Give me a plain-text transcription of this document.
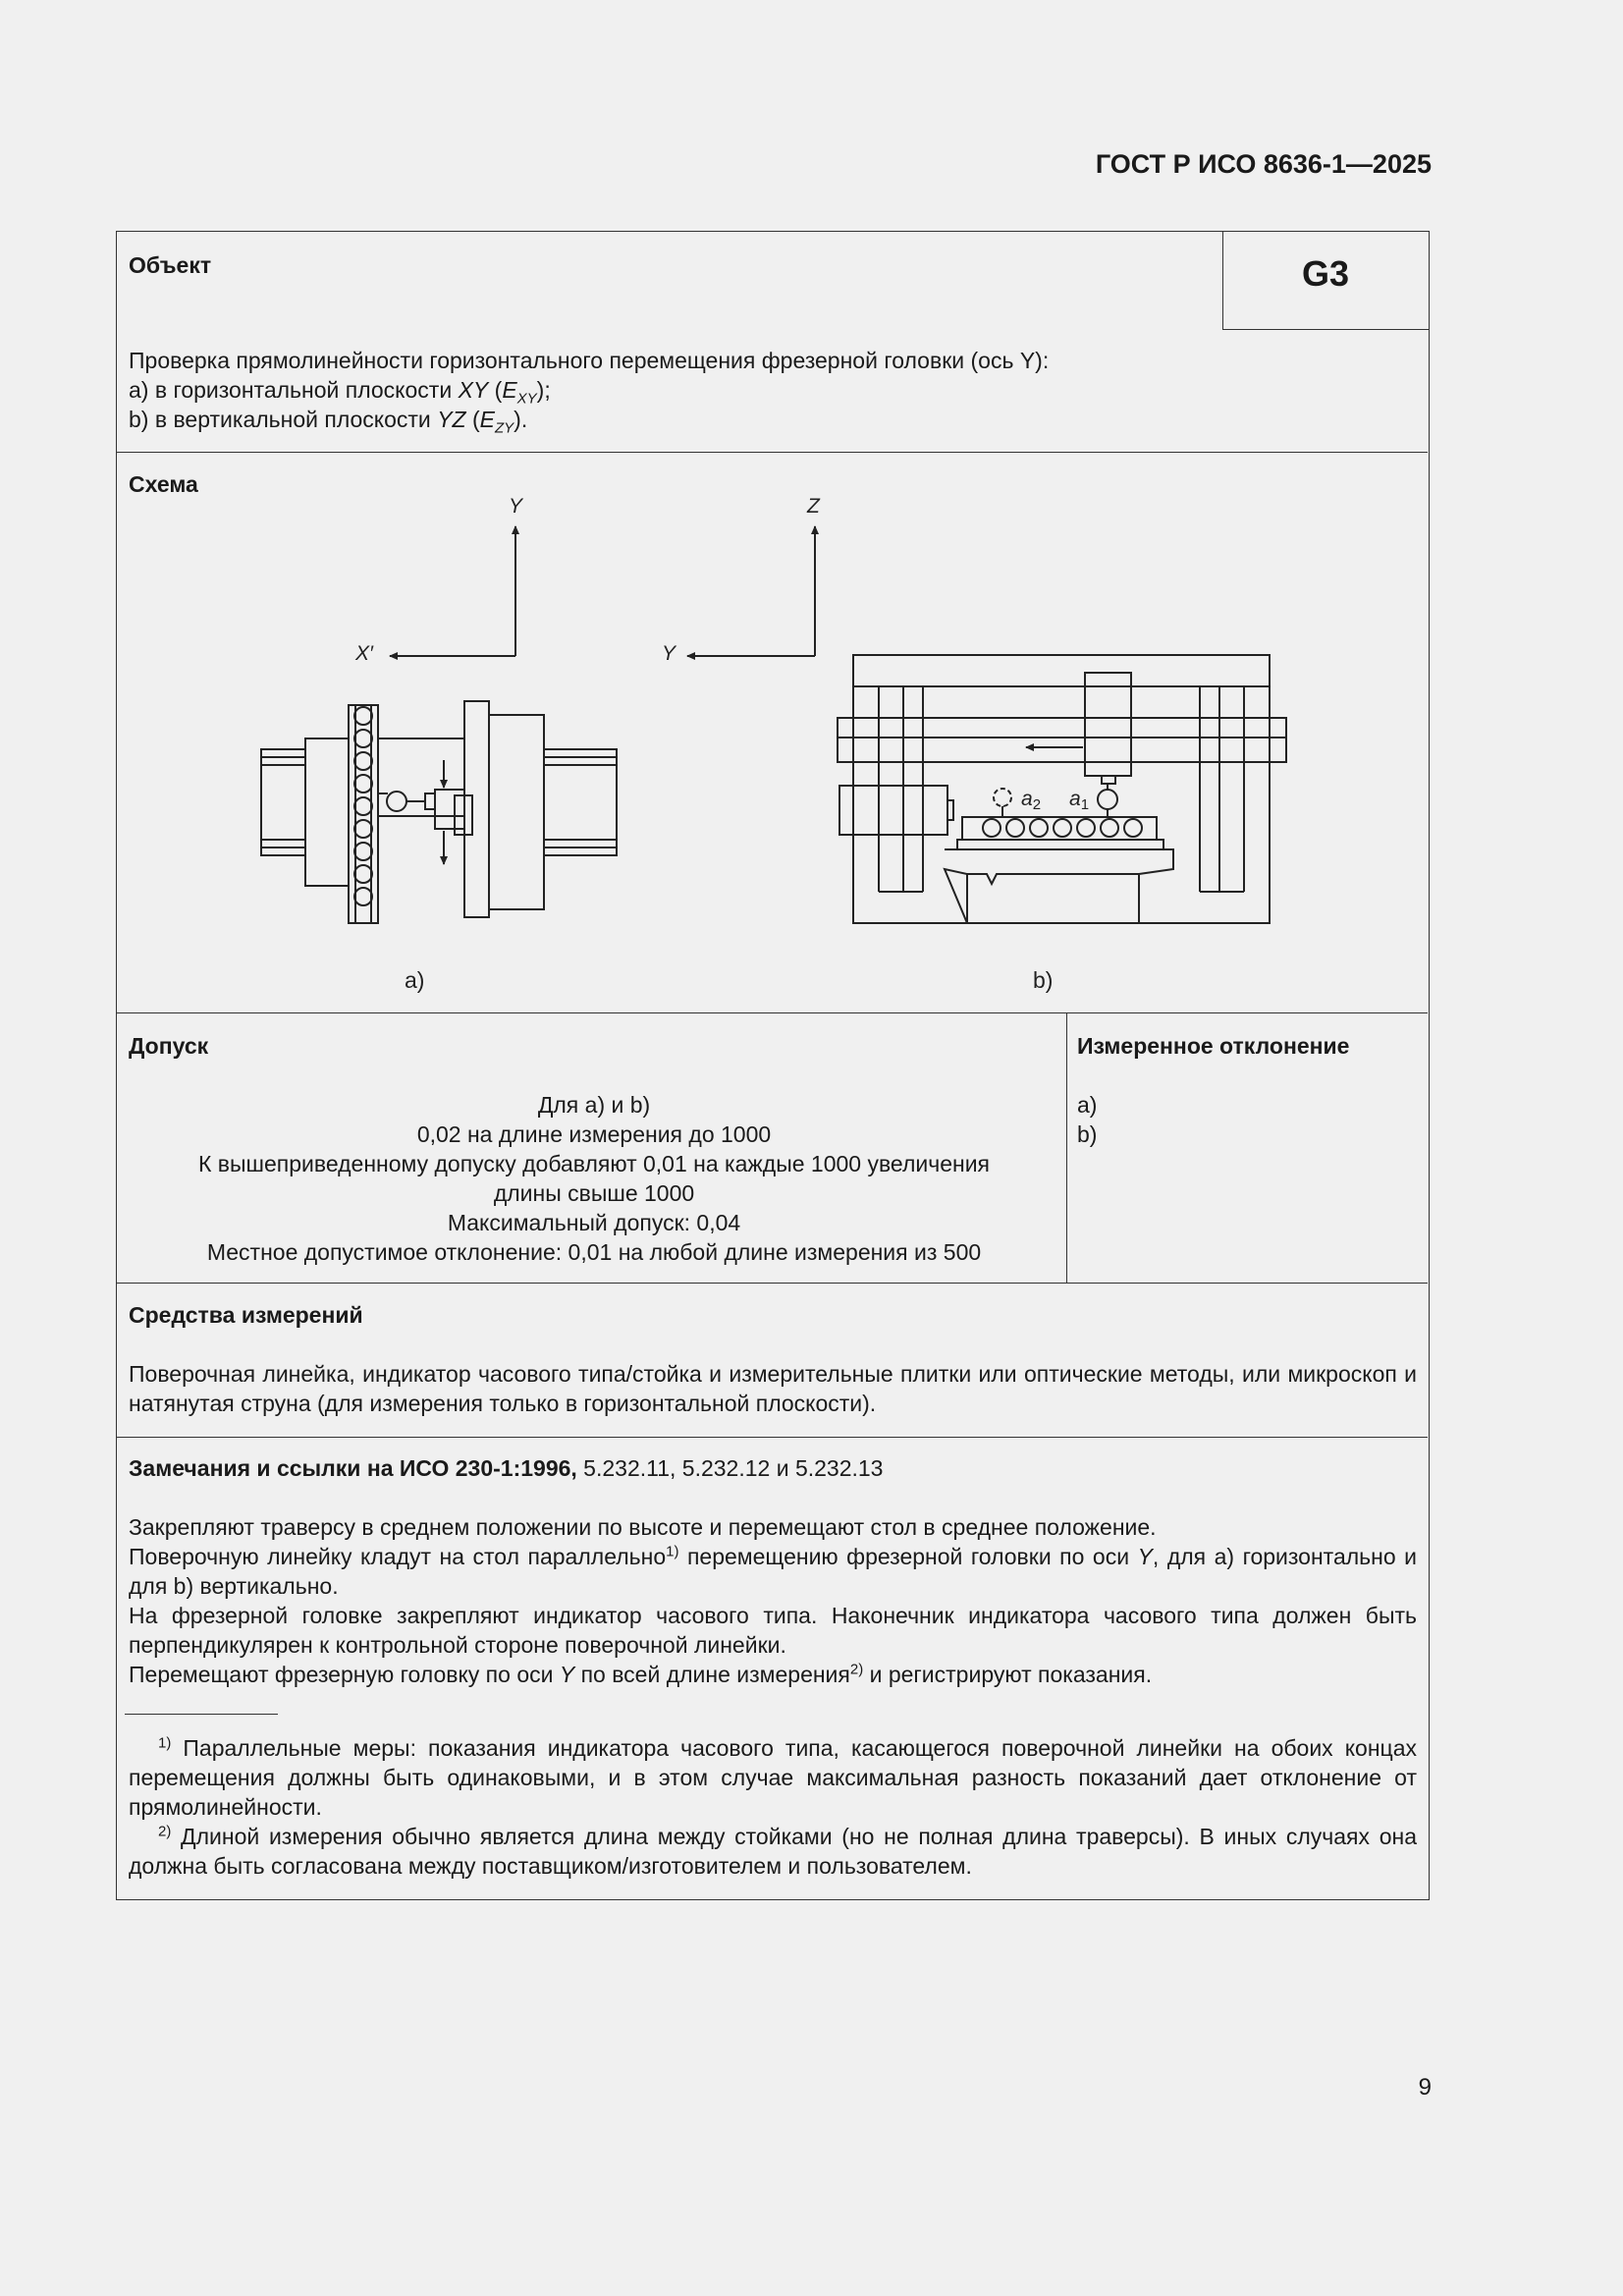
ГОСТ Р ИСО 8636-1—2025
Объект	G3
Проверка прямолинейности горизонтального перемещения фрезерной головки (ось Y):
a) в горизонтальной плоскости XY $(E_{XY})$;
b) в вертикальной плоскости YZ $(E_{ZY})$.
Схема
Y
X′
Z
Y
a2 a1
a)	b)
Допуск	Измеренное отклонение
Для a) и b)
0,02 на длине измерения до 1000
К вышеприведенному допуску добавляют 0,01 на каждые 1000 увеличения
длины свыше 1000
Максимальный допуск: 0,04
Местное допустимое отклонение: 0,01 на любой длине измерения из 500
a)
b)
Средства измерений
Поверочная линейка, индикатор часового типа/стойка и измерительные плитки или оптические методы, или микроскоп и натянутая струна (для измерения только в горизонтальной плоскости).
Замечания и ссылки на ИСО 230-1:1996, 5.232.11, 5.232.12 и 5.232.13
Закрепляют траверсу в среднем положении по высоте и перемещают стол в среднее положение.
Поверочную линейку кладут на стол параллельно$^{1)}$ перемещению фрезерной головки по оси Y, для a) горизонтально и для b) вертикально.
На фрезерной головке закрепляют индикатор часового типа. Наконечник индикатора часового типа должен быть перпендикулярен к контрольной стороне поверочной линейки.
Перемещают фрезерную головку по оси Y по всей длине измерения$^{2)}$ и регистрируют показания.
$^{1)}$ Параллельные меры: показания индикатора часового типа, касающегося поверочной линейки на обоих концах перемещения должны быть одинаковыми, и в этом случае максимальная разность показаний дает отклонение от прямолинейности.
$^{2)}$ Длиной измерения обычно является длина между стойками (но не полная длина траверсы). В иных случаях она должна быть согласована между поставщиком/изготовителем и пользователем.
9
